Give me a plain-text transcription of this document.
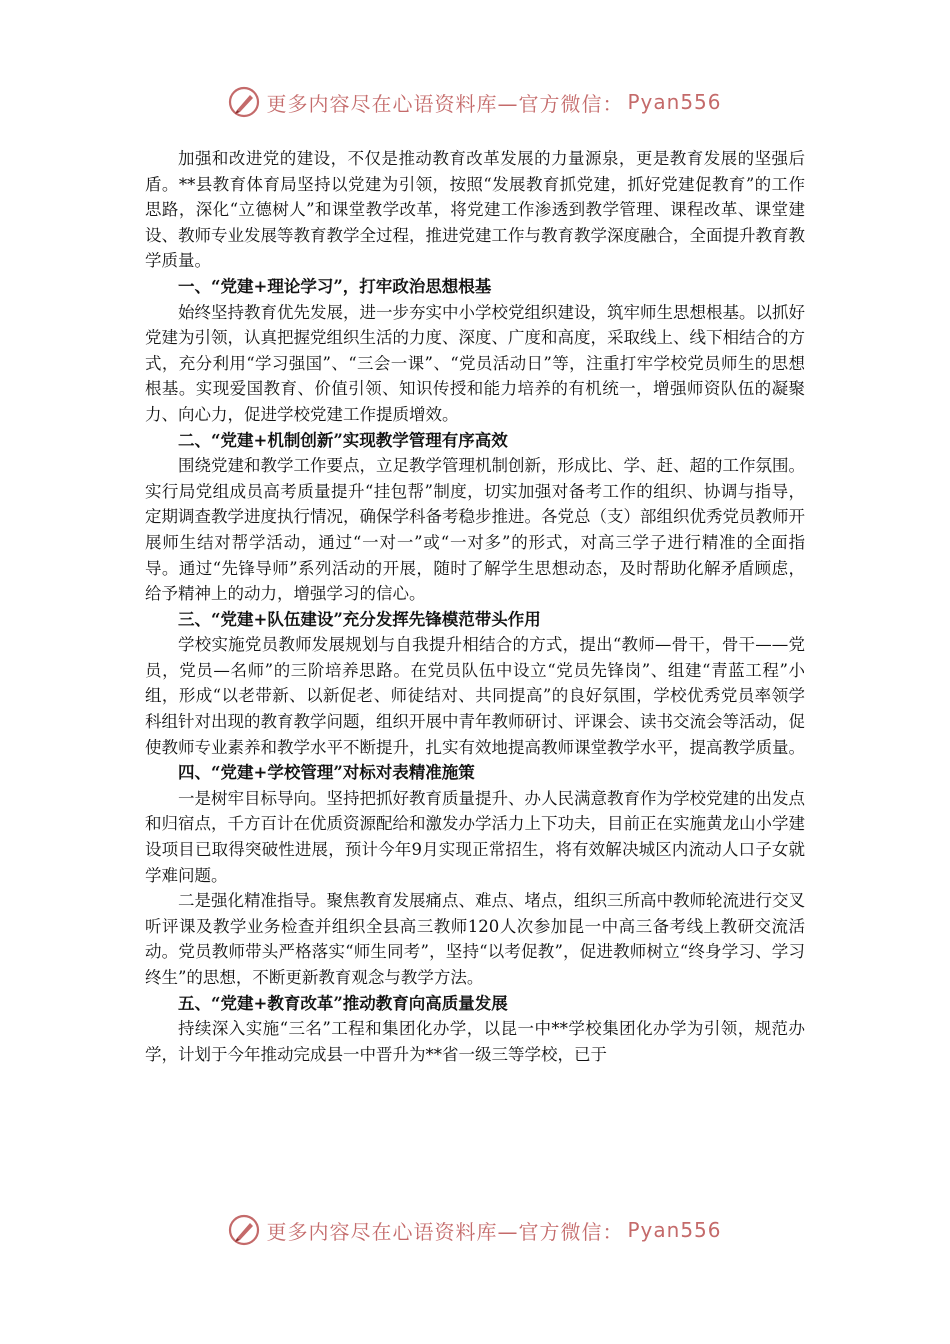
更多内容尽在心语资料库—官方微信： Pyan556

加强和改进党的建设，不仅是推动教育改革发展的力量源泉，更是教育发展的坚强后盾。**县教育体育局坚持以党建为引领，按照“发展教育抓党建，抓好党建促教育”的工作思路，深化“立德树人”和课堂教学改革，将党建工作渗透到教学管理、课程改革、课堂建设、教师专业发展等教育教学全过程，推进党建工作与教育教学深度融合，全面提升教育教学质量。

一、“党建+理论学习”，打牢政治思想根基

始终坚持教育优先发展，进一步夯实中小学校党组织建设，筑牢师生思想根基。以抓好党建为引领，认真把握党组织生活的力度、深度、广度和高度，采取线上、线下相结合的方式，充分利用“学习强国”、“三会一课”、“党员活动日”等，注重打牢学校党员师生的思想根基。实现爱国教育、价值引领、知识传授和能力培养的有机统一，增强师资队伍的凝聚力、向心力，促进学校党建工作提质增效。

二、“党建+机制创新”实现教学管理有序高效

围绕党建和教学工作要点，立足教学管理机制创新，形成比、学、赶、超的工作氛围。实行局党组成员高考质量提升“挂包帮”制度，切实加强对备考工作的组织、协调与指导，定期调查教学进度执行情况，确保学科备考稳步推进。各党总（支）部组织优秀党员教师开展师生结对帮学活动，通过“一对一”或“一对多”的形式，对高三学子进行精准的全面指导。通过“先锋导师”系列活动的开展，随时了解学生思想动态，及时帮助化解矛盾顾虑，给予精神上的动力，增强学习的信心。

三、“党建+队伍建设”充分发挥先锋模范带头作用

学校实施党员教师发展规划与自我提升相结合的方式，提出“教师—骨干，骨干——党员，党员—名师”的三阶培养思路。在党员队伍中设立“党员先锋岗”、组建“青蓝工程”小组，形成“以老带新、以新促老、师徒结对、共同提高”的良好氛围，学校优秀党员率领学科组针对出现的教育教学问题，组织开展中青年教师研讨、评课会、读书交流会等活动，促使教师专业素养和教学水平不断提升，扎实有效地提高教师课堂教学水平，提高教学质量。

四、“党建+学校管理”对标对表精准施策

一是树牢目标导向。坚持把抓好教育质量提升、办人民满意教育作为学校党建的出发点和归宿点，千方百计在优质资源配给和激发办学活力上下功夫，目前正在实施黄龙山小学建设项目已取得突破性进展，预计今年9月实现正常招生，将有效解决城区内流动人口子女就学难问题。

二是强化精准指导。聚焦教育发展痛点、难点、堵点，组织三所高中教师轮流进行交叉听评课及教学业务检查并组织全县高三教师120人次参加昆一中高三备考线上教研交流活动。党员教师带头严格落实“师生同考”，坚持“以考促教”，促进教师树立“终身学习、学习终生”的思想，不断更新教育观念与教学方法。

五、“党建+教育改革”推动教育向高质量发展

持续深入实施“三名”工程和集团化办学，以昆一中**学校集团化办学为引领，规范办学，计划于今年推动完成县一中晋升为**省一级三等学校，已于

更多内容尽在心语资料库—官方微信： Pyan556
